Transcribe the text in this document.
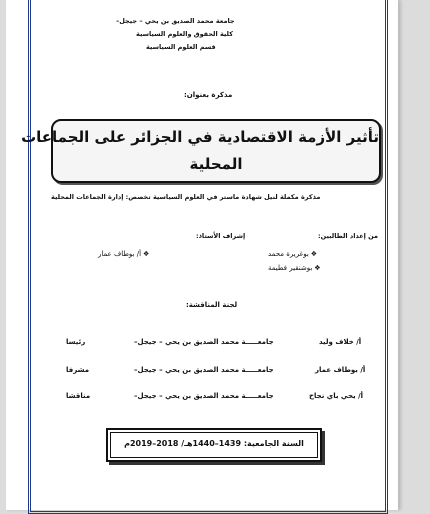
جامعة محمد الصديق بن يحي – جيجل–
كلية الحقوق والعلوم السياسية
قسم العلوم السياسية
مذكرة بعنوان:
تأثير الأزمة الاقتصادية في الجزائر على الجماعات
المحلية
مذكرة مكملة لنيل شهادة ماستر في العلوم السياسية تخصص: إدارة الجماعات المحلية
من إعداد الطالبين:
إشراف الأستاذ:
❖ بوغريرة محمد
❖ بوشنقير فطيمة
❖ أ/ بوطاف عمار
لجنة المناقشة:
أ/ خلاف وليد
جامعـــــة محمد الصديق بن يحي – جيجل–
رئيسا
أ/ بوطاف عمار
جامعـــــة محمد الصديق بن يحي – جيجل–
مشرفا
أ/ يحي باي نجاح
جامعـــــة محمد الصديق بن يحي – جيجل–
مناقشا
السنة الجامعية: 1439–1440هـ/ 2018–2019م
